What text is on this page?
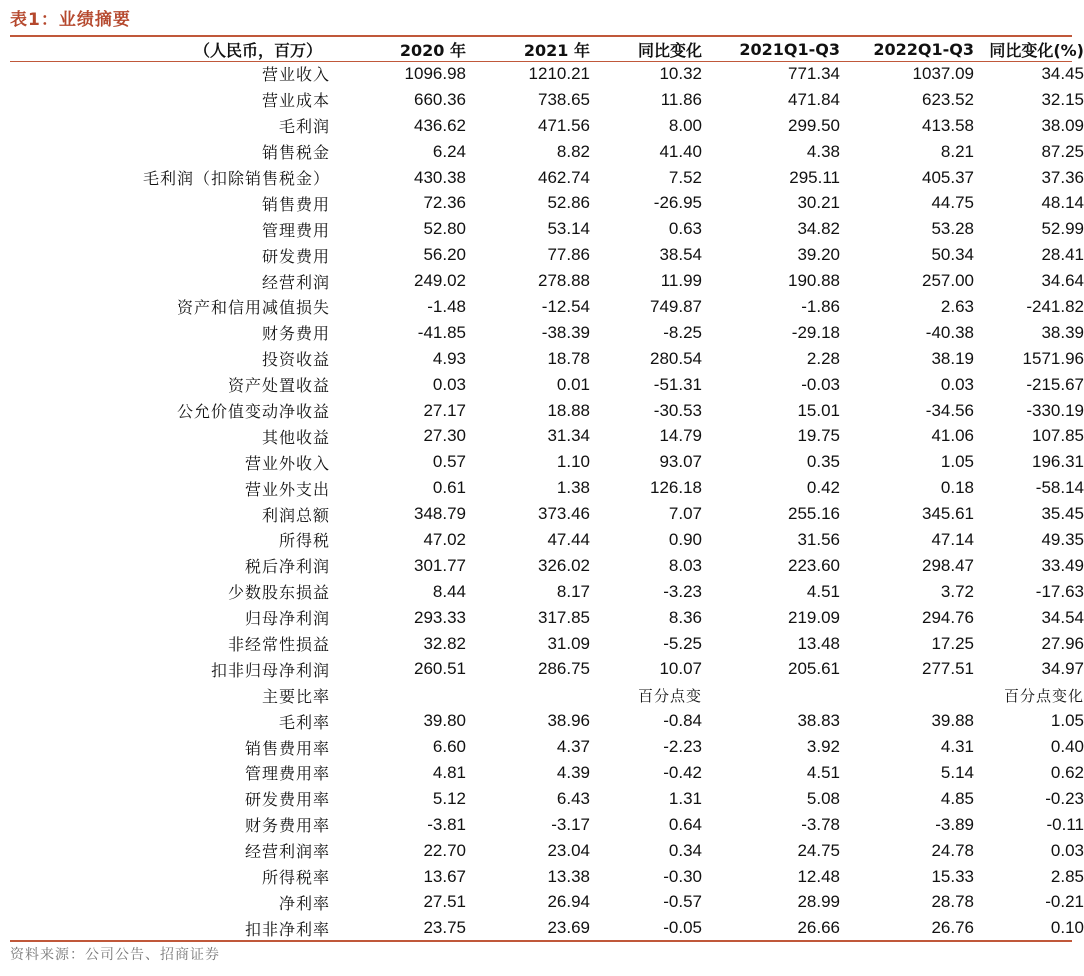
表1：业绩摘要
（人民币，百万）	2020 年	2021 年	同比变化	2021Q1-Q3	2022Q1-Q3	同比变化(%)
营业收入	1096.98	1210.21	10.32	771.34	1037.09	34.45
营业成本	660.36	738.65	11.86	471.84	623.52	32.15
毛利润	436.62	471.56	8.00	299.50	413.58	38.09
销售税金	6.24	8.82	41.40	4.38	8.21	87.25
毛利润（扣除销售税金）	430.38	462.74	7.52	295.11	405.37	37.36
销售费用	72.36	52.86	-26.95	30.21	44.75	48.14
管理费用	52.80	53.14	0.63	34.82	53.28	52.99
研发费用	56.20	77.86	38.54	39.20	50.34	28.41
经营利润	249.02	278.88	11.99	190.88	257.00	34.64
资产和信用减值损失	-1.48	-12.54	749.87	-1.86	2.63	-241.82
财务费用	-41.85	-38.39	-8.25	-29.18	-40.38	38.39
投资收益	4.93	18.78	280.54	2.28	38.19	1571.96
资产处置收益	0.03	0.01	-51.31	-0.03	0.03	-215.67
公允价值变动净收益	27.17	18.88	-30.53	15.01	-34.56	-330.19
其他收益	27.30	31.34	14.79	19.75	41.06	107.85
营业外收入	0.57	1.10	93.07	0.35	1.05	196.31
营业外支出	0.61	1.38	126.18	0.42	0.18	-58.14
利润总额	348.79	373.46	7.07	255.16	345.61	35.45
所得税	47.02	47.44	0.90	31.56	47.14	49.35
税后净利润	301.77	326.02	8.03	223.60	298.47	33.49
少数股东损益	8.44	8.17	-3.23	4.51	3.72	-17.63
归母净利润	293.33	317.85	8.36	219.09	294.76	34.54
非经常性损益	32.82	31.09	-5.25	13.48	17.25	27.96
扣非归母净利润	260.51	286.75	10.07	205.61	277.51	34.97
主要比率			百分点变			百分点变化
毛利率	39.80	38.96	-0.84	38.83	39.88	1.05
销售费用率	6.60	4.37	-2.23	3.92	4.31	0.40
管理费用率	4.81	4.39	-0.42	4.51	5.14	0.62
研发费用率	5.12	6.43	1.31	5.08	4.85	-0.23
财务费用率	-3.81	-3.17	0.64	-3.78	-3.89	-0.11
经营利润率	22.70	23.04	0.34	24.75	24.78	0.03
所得税率	13.67	13.38	-0.30	12.48	15.33	2.85
净利率	27.51	26.94	-0.57	28.99	28.78	-0.21
扣非净利率	23.75	23.69	-0.05	26.66	26.76	0.10
资料来源：公司公告、招商证券
